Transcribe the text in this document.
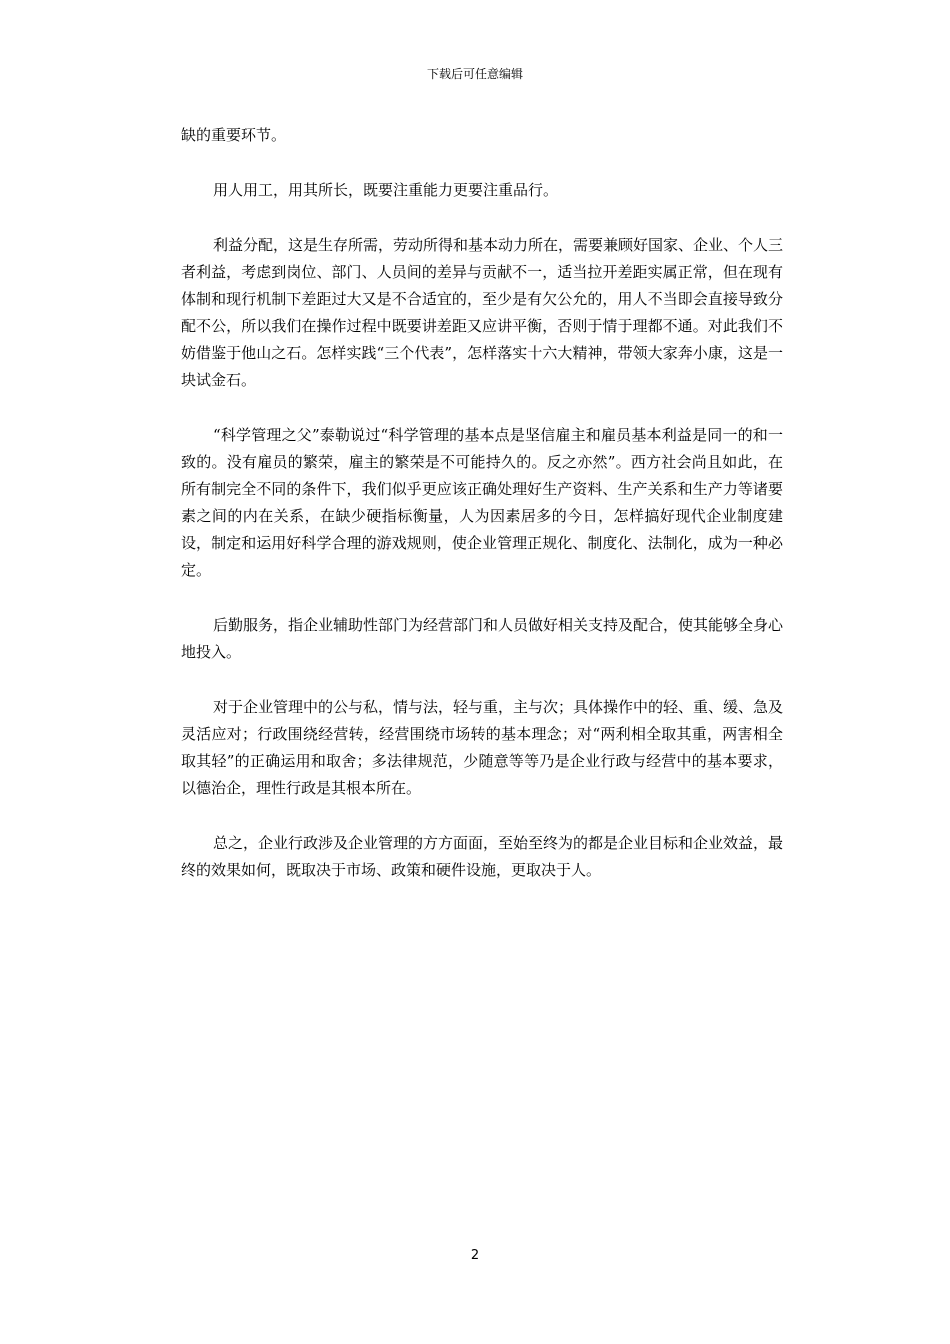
下载后可任意编辑

缺的重要环节。

用人用工，用其所长，既要注重能力更要注重品行。

利益分配，这是生存所需，劳动所得和基本动力所在，需要兼顾好国家、企业、个人三者利益，考虑到岗位、部门、人员间的差异与贡献不一，适当拉开差距实属正常，但在现有体制和现行机制下差距过大又是不合适宜的，至少是有欠公允的，用人不当即会直接导致分配不公，所以我们在操作过程中既要讲差距又应讲平衡，否则于情于理都不通。对此我们不妨借鉴于他山之石。怎样实践“三个代表”，怎样落实十六大精神，带领大家奔小康，这是一块试金石。

“科学管理之父”泰勒说过“科学管理的基本点是坚信雇主和雇员基本利益是同一的和一致的。没有雇员的繁荣，雇主的繁荣是不可能持久的。反之亦然”。西方社会尚且如此，在所有制完全不同的条件下，我们似乎更应该正确处理好生产资料、生产关系和生产力等诸要素之间的内在关系，在缺少硬指标衡量，人为因素居多的今日，怎样搞好现代企业制度建设，制定和运用好科学合理的游戏规则，使企业管理正规化、制度化、法制化，成为一种必定。

后勤服务，指企业辅助性部门为经营部门和人员做好相关支持及配合，使其能够全身心地投入。

对于企业管理中的公与私，情与法，轻与重，主与次；具体操作中的轻、重、缓、急及灵活应对；行政围绕经营转，经营围绕市场转的基本理念；对“两利相全取其重，两害相全取其轻”的正确运用和取舍；多法律规范，少随意等等乃是企业行政与经营中的基本要求，以德治企，理性行政是其根本所在。

总之，企业行政涉及企业管理的方方面面，至始至终为的都是企业目标和企业效益，最终的效果如何，既取决于市场、政策和硬件设施，更取决于人。

2
